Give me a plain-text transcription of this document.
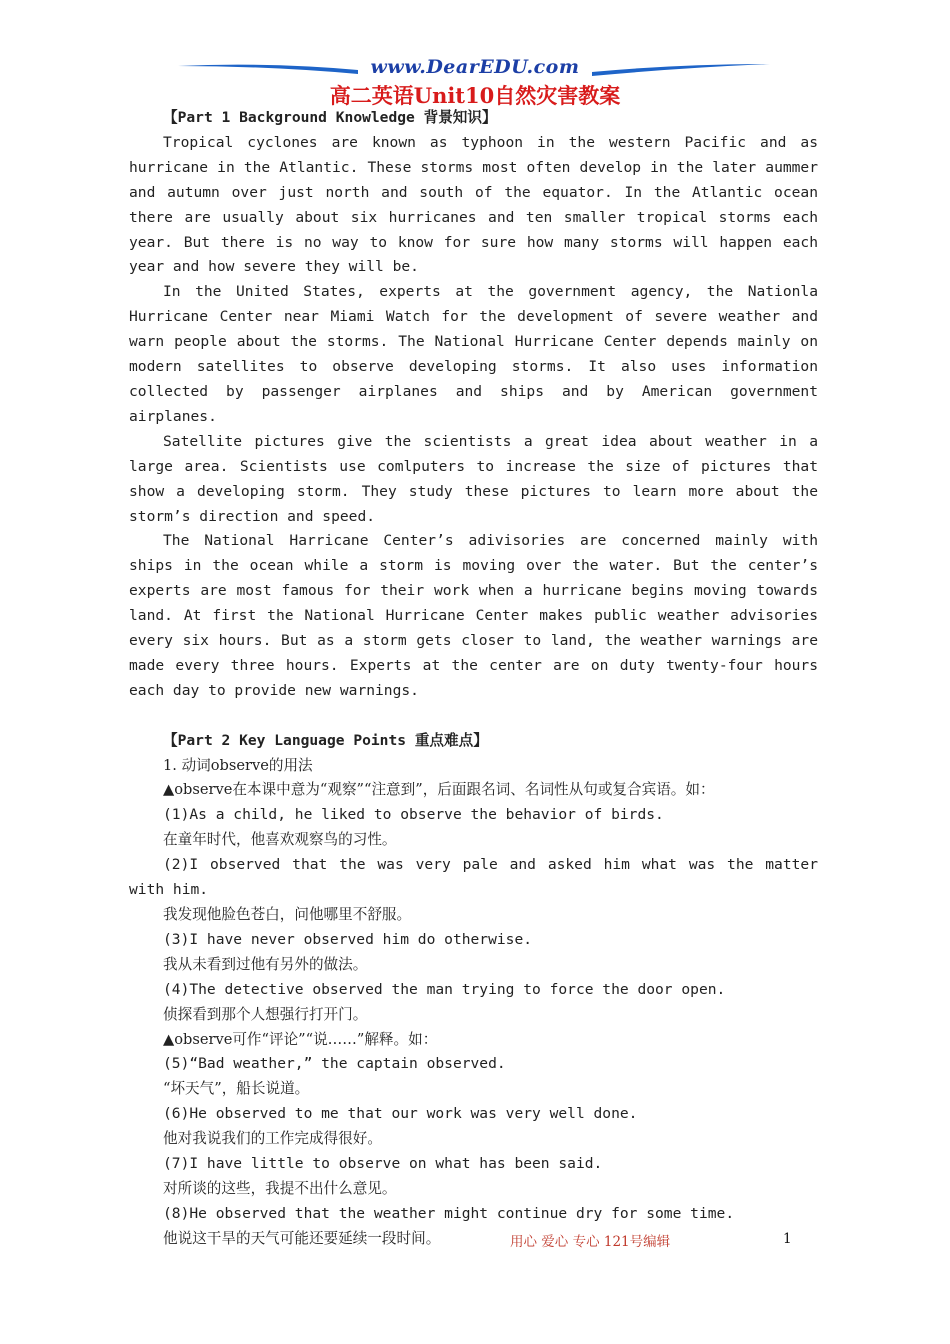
www.DearEDU.com
高二英语Unit10自然灾害教案

【Part 1 Background Knowledge 背景知识】

Tropical cyclones are known as typhoon in the western Pacific and as hurricane in the Atlantic. These storms most often develop in the later aummer and autumn over just north and south of the equator. In the Atlantic ocean there are usually about six hurricanes and ten smaller tropical storms each year. But there is no way to know for sure how many storms will happen each year and how severe they will be.

In the United States, experts at the government agency, the Nationla Hurricane Center near Miami Watch for the development of severe weather and warn people about the storms. The National Hurricane Center depends mainly on modern satellites to observe developing storms. It also uses information collected by passenger airplanes and ships and by American government airplanes.

Satellite pictures give the scientists a great idea about weather in a large area. Scientists use comlputers to increase the size of pictures that show a developing storm. They study these pictures to learn more about the storm’s direction and speed.

The National Harricane Center’s adivisories are concerned mainly with ships in the ocean while a storm is moving over the water. But the center’s experts are most famous for their work when a hurricane begins moving towards land. At first the National Hurricane Center makes public weather advisories every six hours. But as a storm gets closer to land, the weather warnings are made every three hours. Experts at the center are on duty twenty-four hours each day to provide new warnings.

【Part 2 Key Language Points 重点难点】

1. 动词observe的用法

▲observe在本课中意为“观察”“注意到”，后面跟名词、名词性从句或复合宾语。如：

(1)As a child, he liked to observe the behavior of birds.

在童年时代，他喜欢观察鸟的习性。

(2)I observed that the was very pale and asked him what was the matter with him.

我发现他脸色苍白，问他哪里不舒服。

(3)I have never observed him do otherwise.

我从未看到过他有另外的做法。

(4)The detective observed the man trying to force the door open.

侦探看到那个人想强行打开门。

▲observe可作“评论”“说……”解释。如：

(5)“Bad weather,” the captain observed.

“坏天气”，船长说道。

(6)He observed to me that our work was very well done.

他对我说我们的工作完成得很好。

(7)I have little to observe on what has been said.

对所谈的这些，我提不出什么意见。

(8)He observed that the weather might continue dry for some time.

他说这干旱的天气可能还要延续一段时间。	用心 爱心 专心 121号编辑	1
